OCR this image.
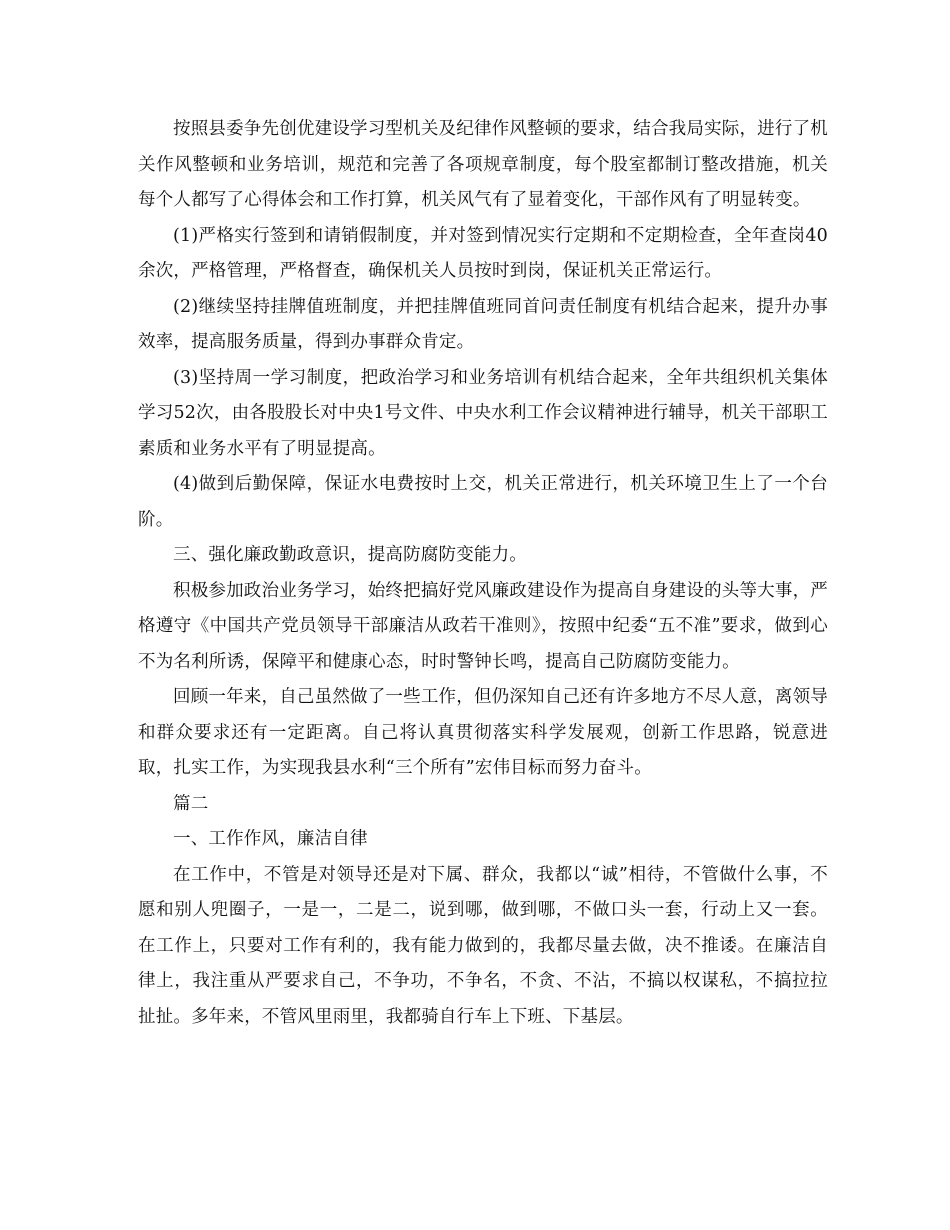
按照县委争先创优建设学习型机关及纪律作风整顿的要求，结合我局实际，进行了机关作风整顿和业务培训，规范和完善了各项规章制度，每个股室都制订整改措施，机关每个人都写了心得体会和工作打算，机关风气有了显着变化，干部作风有了明显转变。

(1)严格实行签到和请销假制度，并对签到情况实行定期和不定期检查，全年查岗40余次，严格管理，严格督查，确保机关人员按时到岗，保证机关正常运行。

(2)继续坚持挂牌值班制度，并把挂牌值班同首问责任制度有机结合起来，提升办事效率，提高服务质量，得到办事群众肯定。

(3)坚持周一学习制度，把政治学习和业务培训有机结合起来，全年共组织机关集体学习52次，由各股股长对中央1号文件、中央水利工作会议精神进行辅导，机关干部职工素质和业务水平有了明显提高。

(4)做到后勤保障，保证水电费按时上交，机关正常进行，机关环境卫生上了一个台阶。

三、强化廉政勤政意识，提高防腐防变能力。

积极参加政治业务学习，始终把搞好党风廉政建设作为提高自身建设的头等大事，严格遵守《中国共产党员领导干部廉洁从政若干准则》，按照中纪委“五不准”要求，做到心不为名利所诱，保障平和健康心态，时时警钟长鸣，提高自己防腐防变能力。

回顾一年来，自己虽然做了一些工作，但仍深知自己还有许多地方不尽人意，离领导和群众要求还有一定距离。自己将认真贯彻落实科学发展观，创新工作思路，锐意进取，扎实工作，为实现我县水利“三个所有”宏伟目标而努力奋斗。

篇二

一、工作作风，廉洁自律

在工作中，不管是对领导还是对下属、群众，我都以“诚”相待，不管做什么事，不愿和别人兜圈子，一是一，二是二，说到哪，做到哪，不做口头一套，行动上又一套。在工作上，只要对工作有利的，我有能力做到的，我都尽量去做，决不推诿。在廉洁自律上，我注重从严要求自己，不争功，不争名，不贪、不沾，不搞以权谋私，不搞拉拉扯扯。多年来，不管风里雨里，我都骑自行车上下班、下基层。
